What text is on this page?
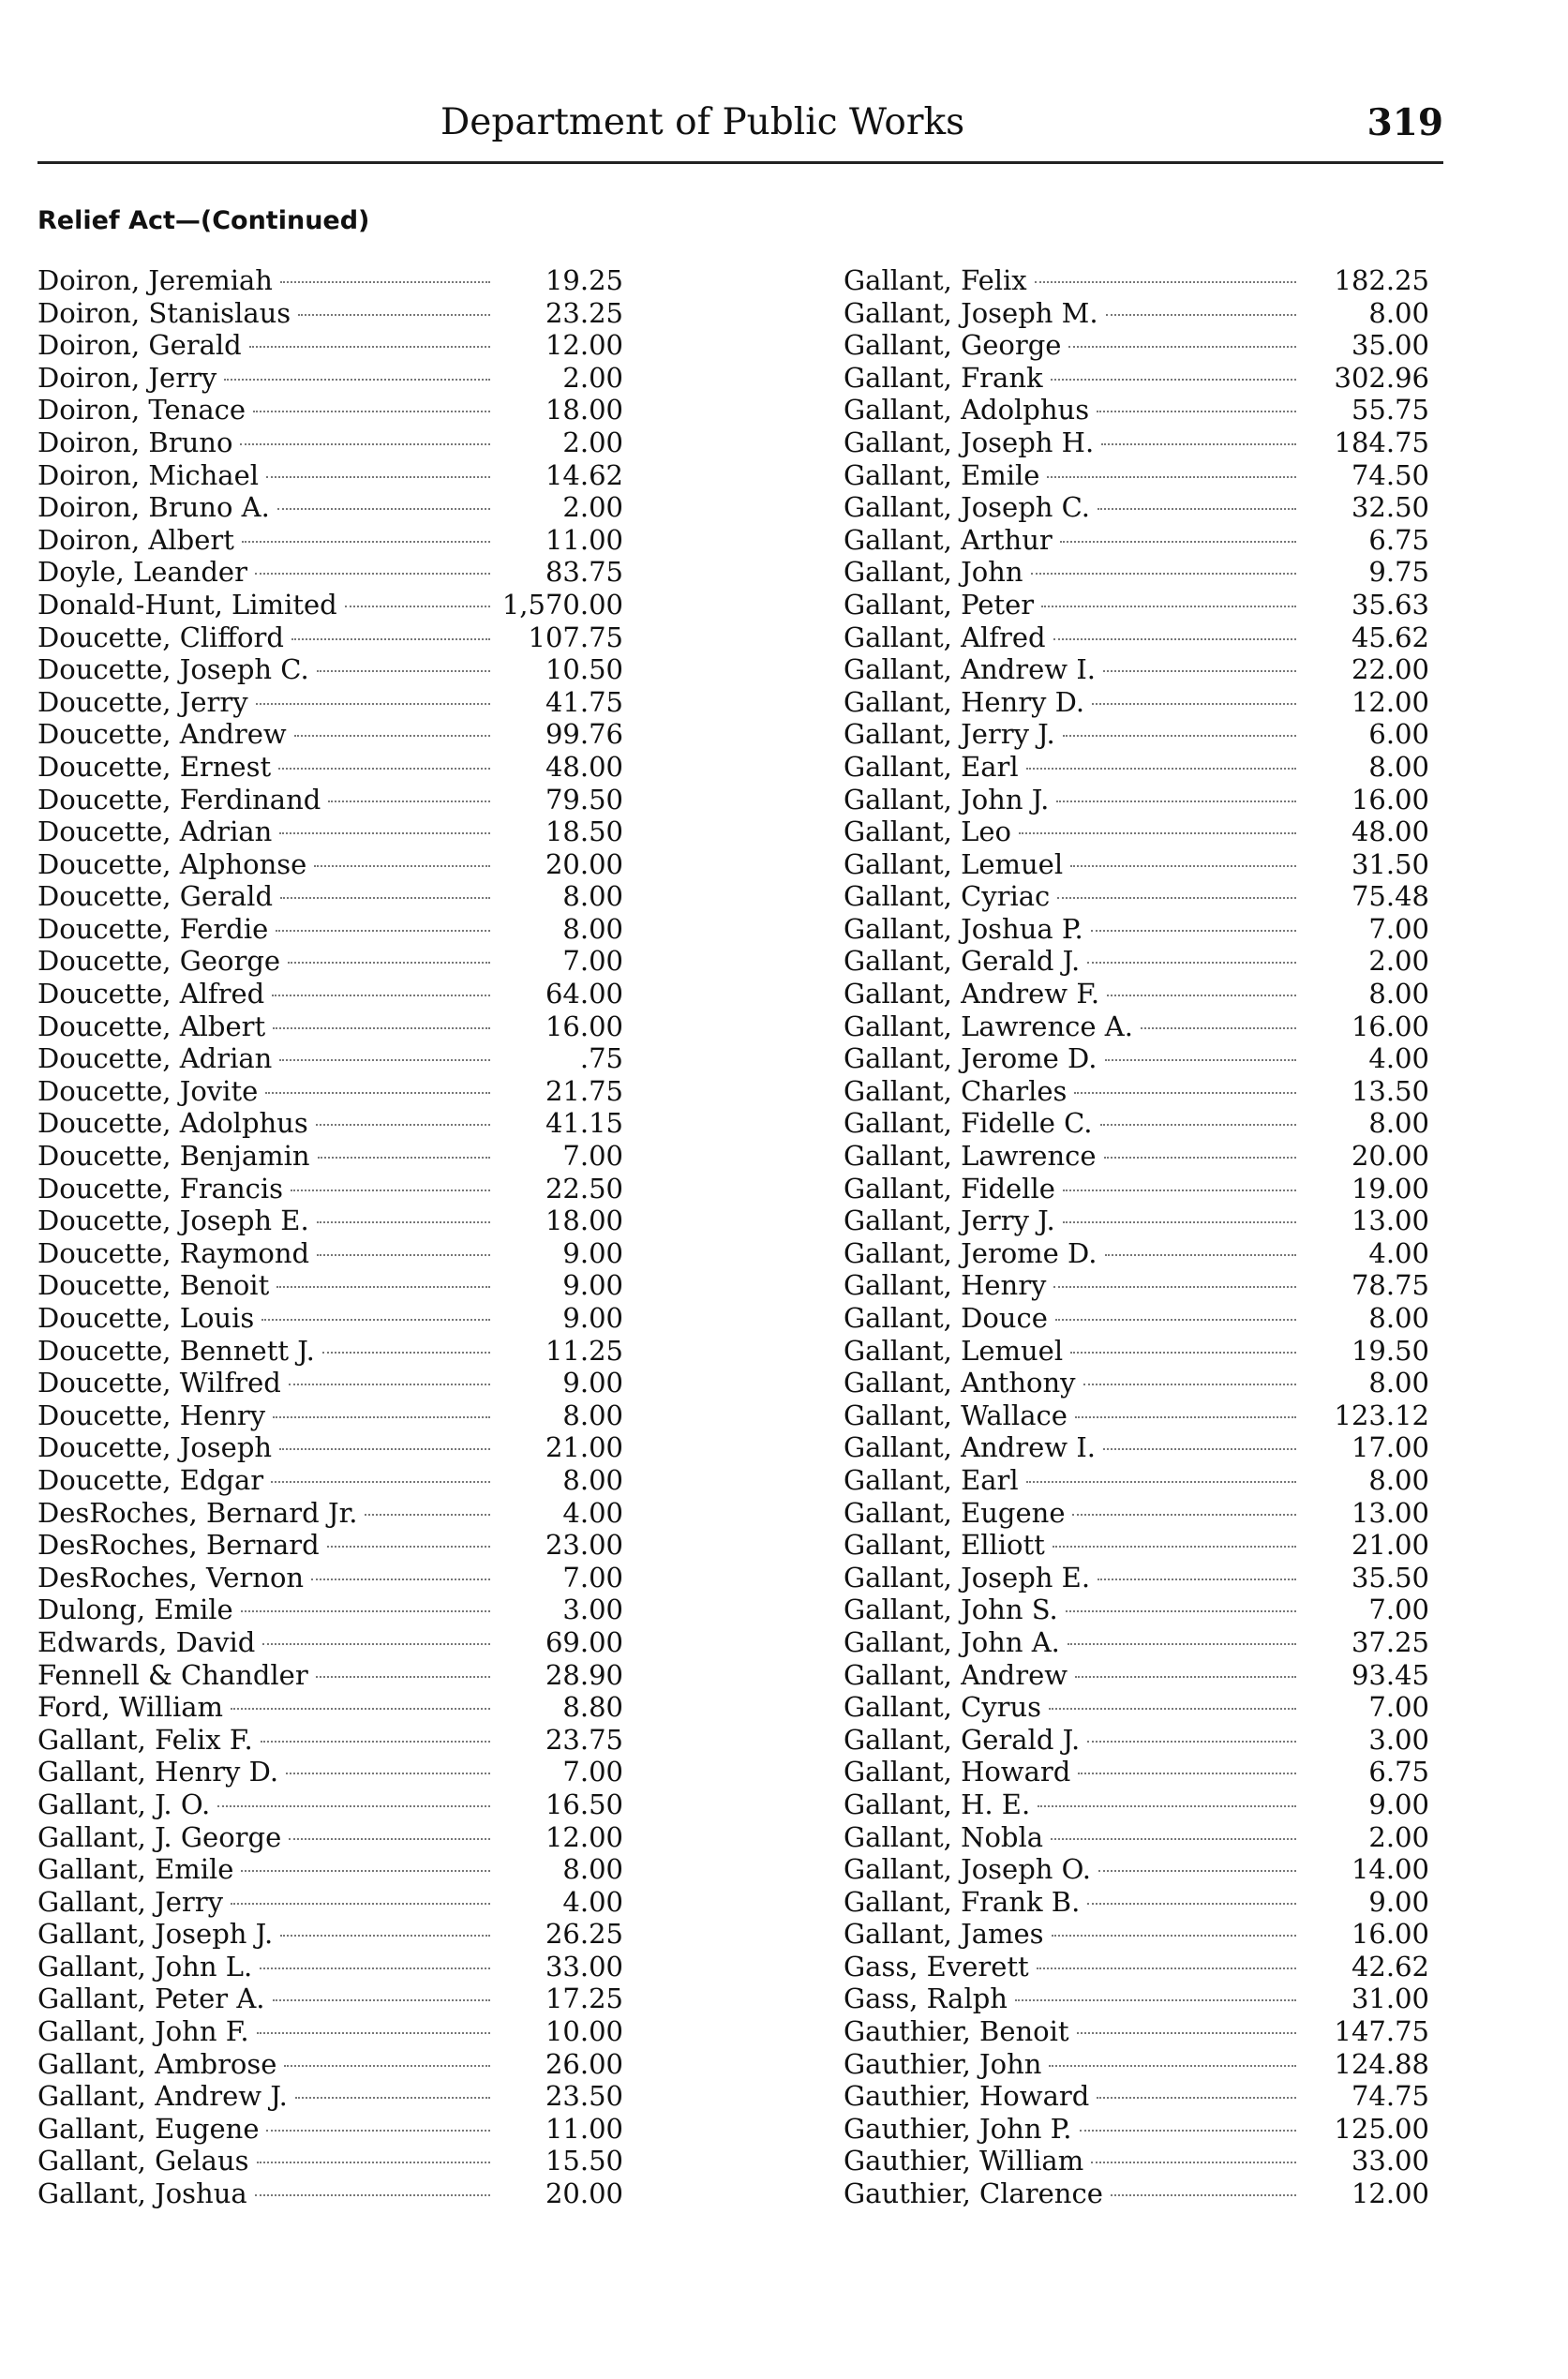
Department of Public Works	319
Relief Act—(Continued)
Doiron, Jeremiah	19.25
Doiron, Stanislaus	23.25
Doiron, Gerald	12.00
Doiron, Jerry	2.00
Doiron, Tenace	18.00
Doiron, Bruno	2.00
Doiron, Michael	14.62
Doiron, Bruno A.	2.00
Doiron, Albert	11.00
Doyle, Leander	83.75
Donald-Hunt, Limited	1,570.00
Doucette, Clifford	107.75
Doucette, Joseph C.	10.50
Doucette, Jerry	41.75
Doucette, Andrew	99.76
Doucette, Ernest	48.00
Doucette, Ferdinand	79.50
Doucette, Adrian	18.50
Doucette, Alphonse	20.00
Doucette, Gerald	8.00
Doucette, Ferdie	8.00
Doucette, George	7.00
Doucette, Alfred	64.00
Doucette, Albert	16.00
Doucette, Adrian	.75
Doucette, Jovite	21.75
Doucette, Adolphus	41.15
Doucette, Benjamin	7.00
Doucette, Francis	22.50
Doucette, Joseph E.	18.00
Doucette, Raymond	9.00
Doucette, Benoit	9.00
Doucette, Louis	9.00
Doucette, Bennett J.	11.25
Doucette, Wilfred	9.00
Doucette, Henry	8.00
Doucette, Joseph	21.00
Doucette, Edgar	8.00
DesRoches, Bernard Jr.	4.00
DesRoches, Bernard	23.00
DesRoches, Vernon	7.00
Dulong, Emile	3.00
Edwards, David	69.00
Fennell & Chandler	28.90
Ford, William	8.80
Gallant, Felix F.	23.75
Gallant, Henry D.	7.00
Gallant, J. O.	16.50
Gallant, J. George	12.00
Gallant, Emile	8.00
Gallant, Jerry	4.00
Gallant, Joseph J.	26.25
Gallant, John L.	33.00
Gallant, Peter A.	17.25
Gallant, John F.	10.00
Gallant, Ambrose	26.00
Gallant, Andrew J.	23.50
Gallant, Eugene	11.00
Gallant, Gelaus	15.50
Gallant, Joshua	20.00
Gallant, Felix	182.25
Gallant, Joseph M.	8.00
Gallant, George	35.00
Gallant, Frank	302.96
Gallant, Adolphus	55.75
Gallant, Joseph H.	184.75
Gallant, Emile	74.50
Gallant, Joseph C.	32.50
Gallant, Arthur	6.75
Gallant, John	9.75
Gallant, Peter	35.63
Gallant, Alfred	45.62
Gallant, Andrew I.	22.00
Gallant, Henry D.	12.00
Gallant, Jerry J.	6.00
Gallant, Earl	8.00
Gallant, John J.	16.00
Gallant, Leo	48.00
Gallant, Lemuel	31.50
Gallant, Cyriac	75.48
Gallant, Joshua P.	7.00
Gallant, Gerald J.	2.00
Gallant, Andrew F.	8.00
Gallant, Lawrence A.	16.00
Gallant, Jerome D.	4.00
Gallant, Charles	13.50
Gallant, Fidelle C.	8.00
Gallant, Lawrence	20.00
Gallant, Fidelle	19.00
Gallant, Jerry J.	13.00
Gallant, Jerome D.	4.00
Gallant, Henry	78.75
Gallant, Douce	8.00
Gallant, Lemuel	19.50
Gallant, Anthony	8.00
Gallant, Wallace	123.12
Gallant, Andrew I.	17.00
Gallant, Earl	8.00
Gallant, Eugene	13.00
Gallant, Elliott	21.00
Gallant, Joseph E.	35.50
Gallant, John S.	7.00
Gallant, John A.	37.25
Gallant, Andrew	93.45
Gallant, Cyrus	7.00
Gallant, Gerald J.	3.00
Gallant, Howard	6.75
Gallant, H. E.	9.00
Gallant, Nobla	2.00
Gallant, Joseph O.	14.00
Gallant, Frank B.	9.00
Gallant, James	16.00
Gass, Everett	42.62
Gass, Ralph	31.00
Gauthier, Benoit	147.75
Gauthier, John	124.88
Gauthier, Howard	74.75
Gauthier, John P.	125.00
Gauthier, William	33.00
Gauthier, Clarence	12.00
